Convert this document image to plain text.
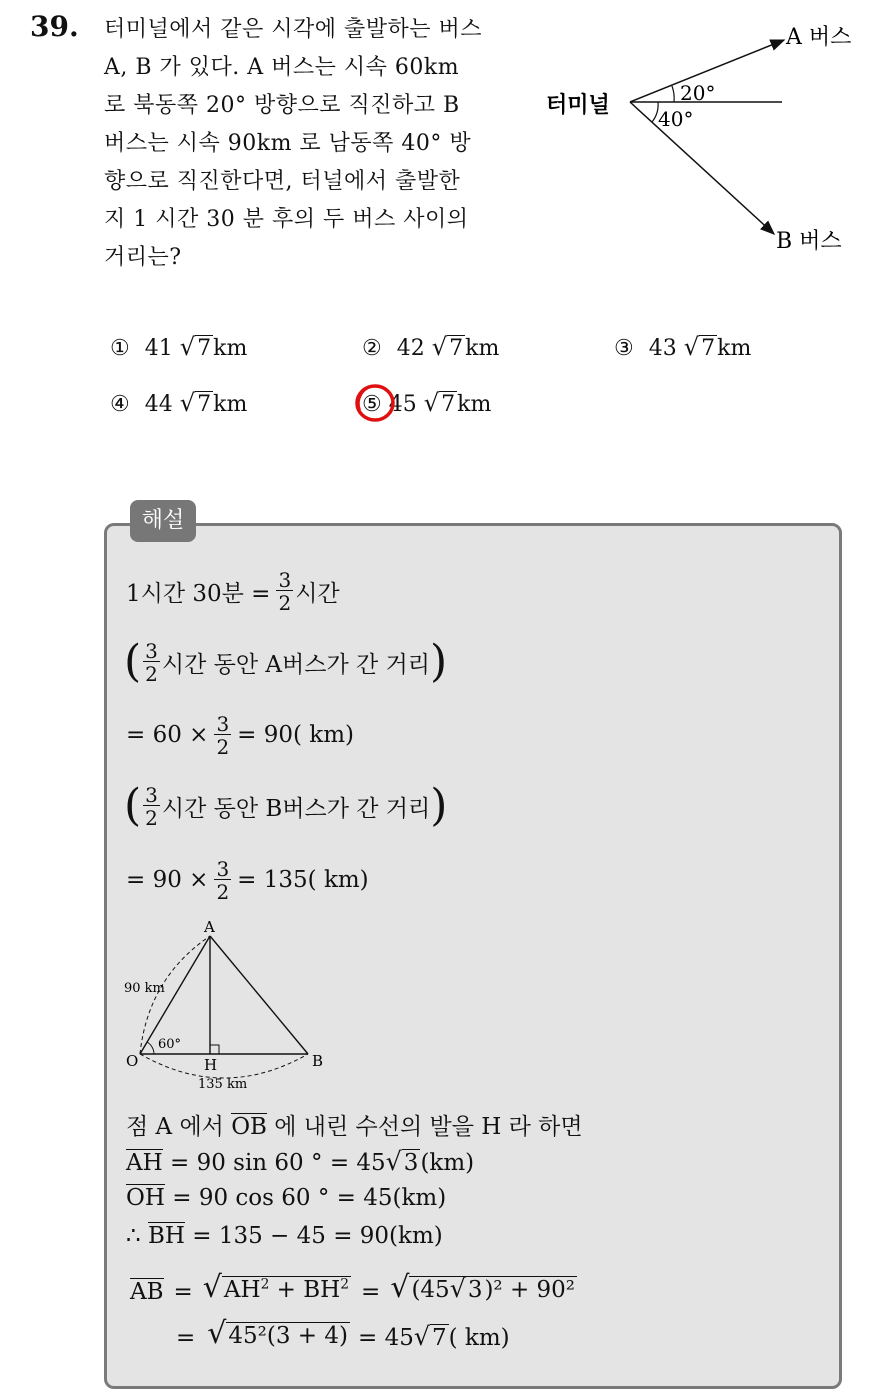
39. 터미널에서 같은 시각에 출발하는 버스
A, B 가 있다. A 버스는 시속 60km
로 북동쪽 20° 방향으로 직진하고 B
버스는 시속 90km 로 남동쪽 40° 방
향으로 직진한다면, 터널에서 출발한
지 1 시간 30 분 후의 두 버스 사이의
거리는?
터미널
A 버스
B 버스
20°
40°
① 41 √7km	② 42 √7km	③ 43 √7km
④ 44 √7km	⑤ 45 √7km
해설
1시간 30분 = $\frac{3}{2}$ 시간
( $\frac{3}{2}$ 시간 동안 A버스가 간 거리 )
= $60 \times \frac{3}{2} = 90$( km)
( $\frac{3}{2}$ 시간 동안 B버스가 간 거리 )
= $90 \times \frac{3}{2} = 135$( km)
A
O	H	B
90 km
60°
135 km
점 A 에서 OB 에 내린 수선의 발을 H 라 하면
AH = 90 sin 60 ° = 45√3(km)
OH = 90 cos 60 ° = 45(km)
∴ BH = 135 − 45 = 90(km)
AB = $√AH^2 + BH^2 = √(45√3)^2 + 90^2$
= √45²(3 + 4) = 45 √7 ( km)
